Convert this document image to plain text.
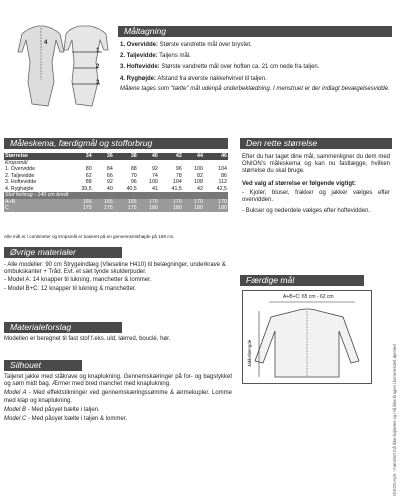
1
2
3
4
Måltagning
1. Overvidde: Største vandrette mål over brystet.
2. Taljevidde: Taljens mål.
3. Hoftevidde: Største vandrette mål over hoften ca. 21 cm nede fra taljen.
4. Ryghøjde: Afstand fra øverste nakkehvirvel til taljen.
Målene tages som "tætte" mål udenpå underbeklædning. I menstruet er der indlagt bevægelsesvidde.
Måleskema, færdigmål og stofforbrug
Størrelse	34	36	38	40	42	44	46
Kropsmål							
1. Overvidde	80	84	88	92	96	100	104
2. Taljevidde	62	66	70	74	78	82	86
3. Hoftevidde	88	92	96	100	104	108	112
4. Ryghøjde	39,5	40	40,5	41	41,5	42	42,5
Stof forbrug - 140 cm bredt							
A+B	165	165	165	170	170	170	170
C	175	175	175	180	180	180	180
Alle mål er i centimeter og kropsmål er baseret på en gennemsnitshøjde på 168 cm.
Den rette størrelse
Efter du har taget dine mål, sammenligner du dem med ONION's måleskema og kan nu fastlægge, hvilken størrelse du skal bruge.
Ved valg af størrelse er følgende vigtigt:
- Kjoler, bluser, frakker og jakker vælges efter overvidden.
- Bukser og nederdele vælges efter hoftevidden.
Færdige mål
A+B+C: 65 cm - 62 cm
Jakkelængde
Øvrige materialer
- Alle modeller: 90 cm Strygeindlæg (Vlieseline H410) til belægninger, underkrave & ombukskanter + Tråd. Evt. et sæt tynde skulderpuder.
- Model A: 14 knapper til lukning, manchetter & lommer.
- Model B+C: 12 knapper til lukning & manchetter.
Materialeforslag
Modellen er beregnet til fast stof f.eks. uld, lærred, bouclé, hør.
Silhouet
Taljeret jakke med ståkrave og knaplukning. Gennemskæringer på for- og bagstykket og søm midt bag. Ærmer med bred manchet med knaplukning.
Model A - Med effektstikninger ved gennemskæringssømme & ærmekupler. Lomme med klap og knaplukning.
Model B - Med påsyet bælte i taljen.
Model C - Med påsyet bælte i taljen & lommer.	ONION ApS - mønstret må ikke kopieres og må ikke bruges i kommercielt øjemed
